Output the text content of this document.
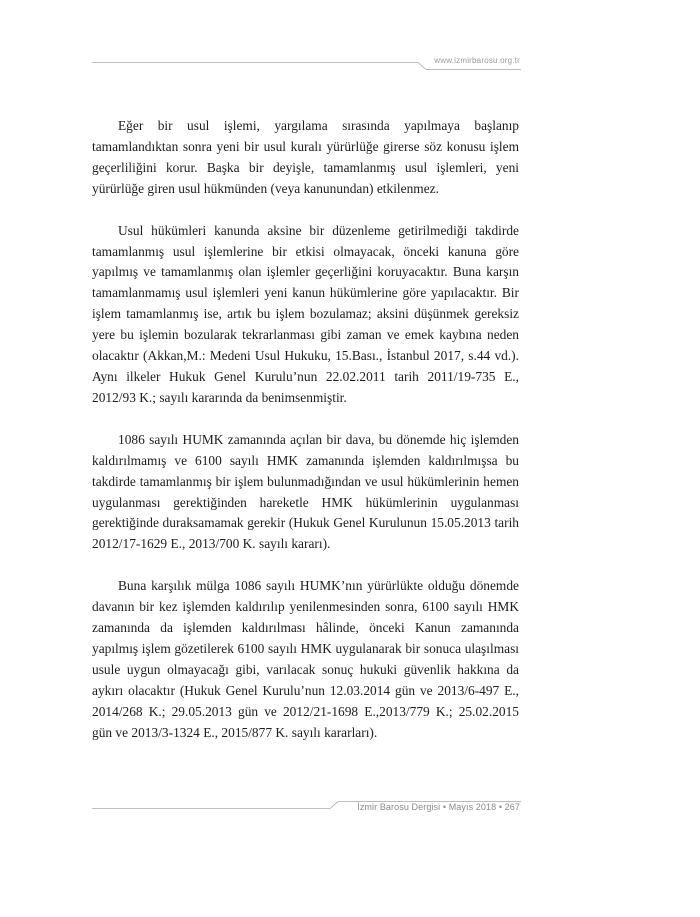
www.izmirbarosu.org.tr

Eğer bir usul işlemi, yargılama sırasında yapılmaya başlanıp tamamlandıktan sonra yeni bir usul kuralı yürürlüğe girerse söz konusu işlem geçerliliğini korur. Başka bir deyişle, tamamlanmış usul işlemleri, yeni yürürlüğe giren usul hükmünden (veya kanunundan) etkilenmez.

Usul hükümleri kanunda aksine bir düzenleme getirilmediği takdirde tamamlanmış usul işlemlerine bir etkisi olmayacak, önceki kanuna göre yapılmış ve tamamlanmış olan işlemler geçerliğini koruyacaktır. Buna karşın tamamlanmamış usul işlemleri yeni kanun hükümlerine göre yapılacaktır. Bir işlem tamamlanmış ise, artık bu işlem bozulamaz; aksini düşünmek gereksiz yere bu işlemin bozularak tekrarlanması gibi zaman ve emek kaybına neden olacaktır (Akkan,M.: Medeni Usul Hukuku, 15.Bası., İstanbul 2017, s.44 vd.). Aynı ilkeler Hukuk Genel Kurulu’nun 22.02.2011 tarih 2011/19-735 E., 2012/93 K.; sayılı kararında da benimsenmiştir.

1086 sayılı HUMK zamanında açılan bir dava, bu dönemde hiç işlemden kaldırılmamış ve 6100 sayılı HMK zamanında işlemden kaldırılmışsa bu takdirde tamamlanmış bir işlem bulunmadığından ve usul hükümlerinin hemen uygulanması gerektiğinden hareketle HMK hükümlerinin uygulanması gerektiğinde duraksamamak gerekir (Hukuk Genel Kurulunun 15.05.2013 tarih 2012/17-1629 E., 2013/700 K. sayılı kararı).

Buna karşılık mülga 1086 sayılı HUMK’nın yürürlükte olduğu dönemde davanın bir kez işlemden kaldırılıp yenilenmesinden sonra, 6100 sayılı HMK zamanında da işlemden kaldırılması hâlinde, önceki Kanun zamanında yapılmış işlem gözetilerek 6100 sayılı HMK uygulanarak bir sonuca ulaşılması usule uygun olmayacağı gibi, varılacak sonuç hukuki güvenlik hakkına da aykırı olacaktır (Hukuk Genel Kurulu’nun 12.03.2014 gün ve 2013/6-497 E., 2014/268 K.; 29.05.2013 gün ve 2012/21-1698 E.,2013/779 K.; 25.02.2015 gün ve 2013/3-1324 E., 2015/877 K. sayılı kararları).

İzmir Barosu Dergisi • Mayıs 2018 • 267
